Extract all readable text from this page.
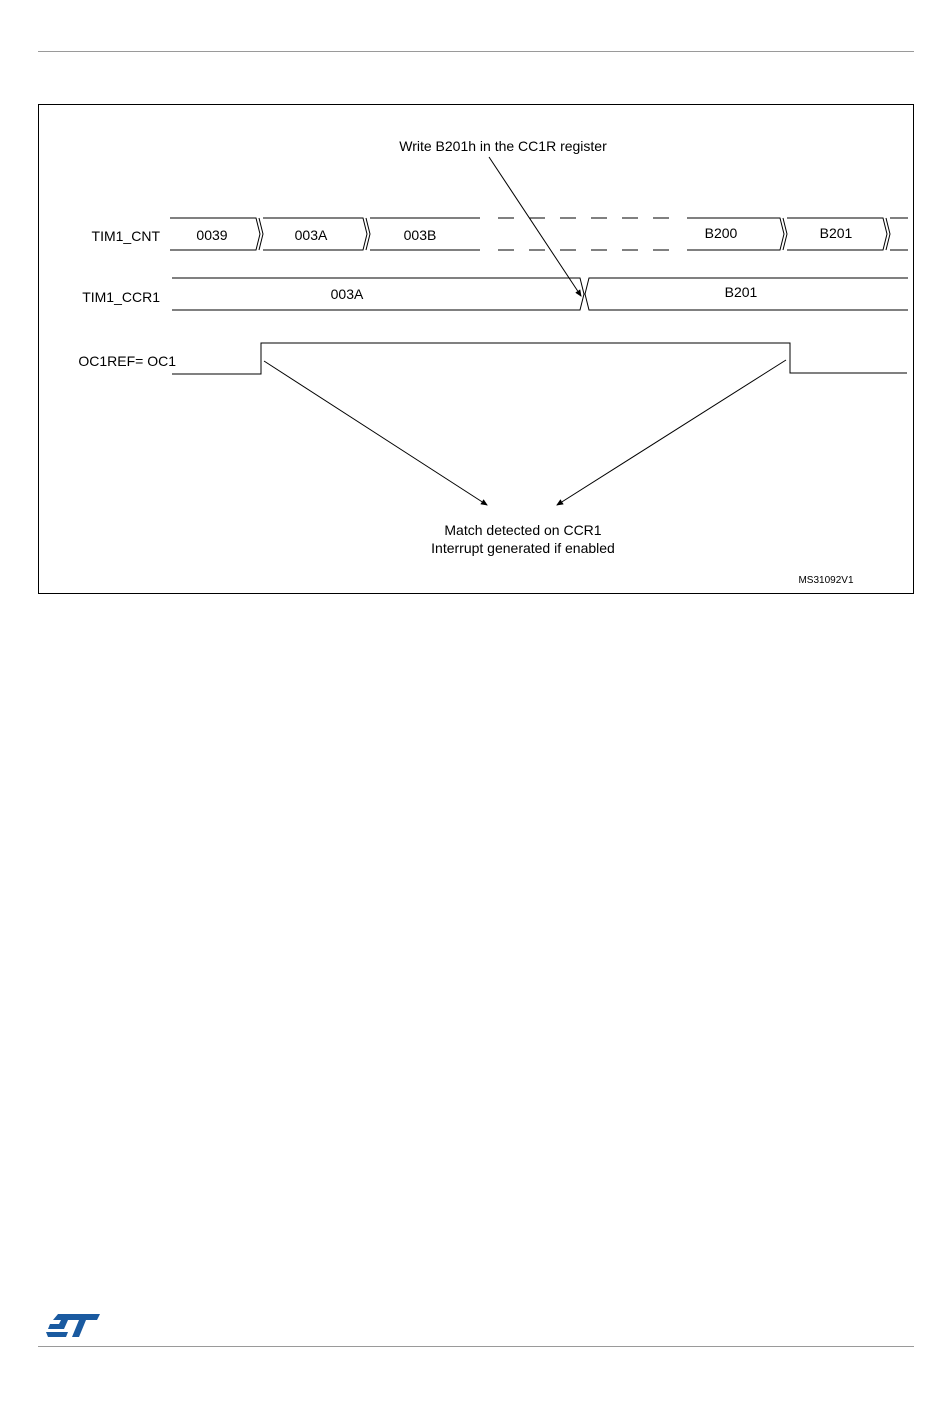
Write B201h in the CC1R register
TIM1_CNT
TIM1_CCR1
OC1REF= OC1
0039	003A	003B	B200	B201
003A	B201
Match detected on CCR1
Interrupt generated if enabled
MS31092V1
